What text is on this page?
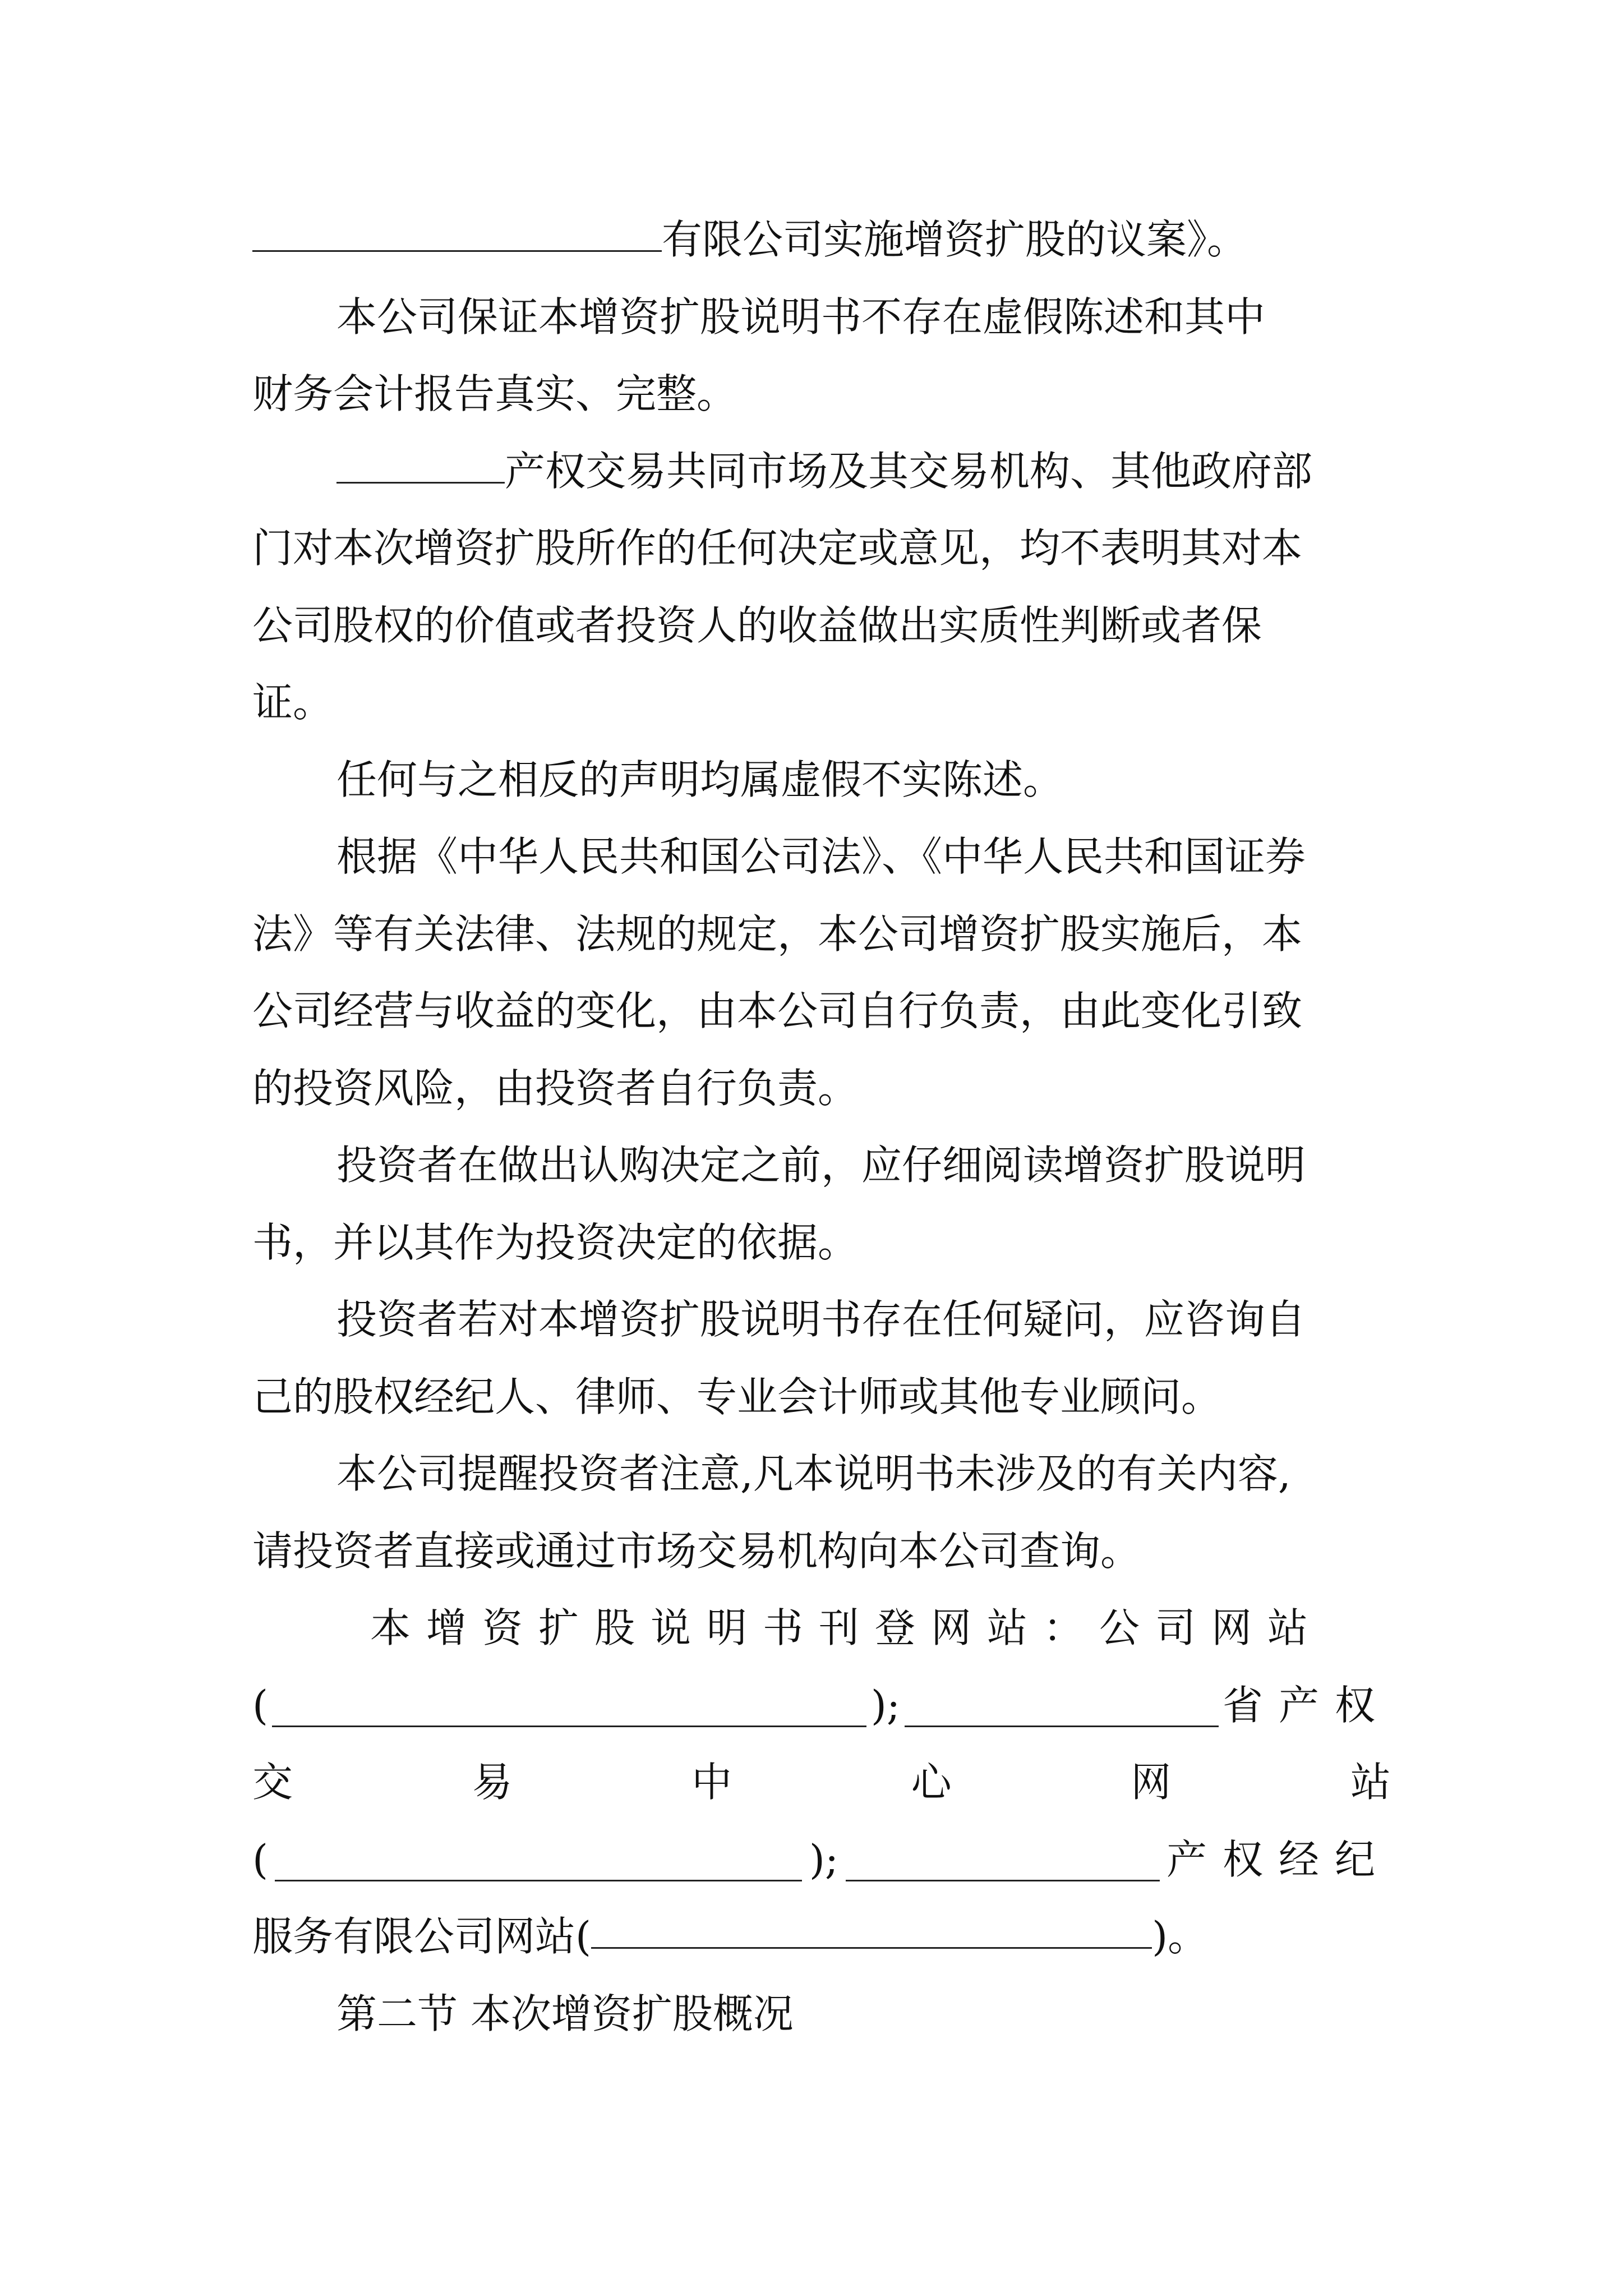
有限公司实施增资扩股的议案》。
本公司保证本增资扩股说明书不存在虚假陈述和其中
财务会计报告真实、完整。
产权交易共同市场及其交易机构、其他政府部
门对本次增资扩股所作的任何决定或意见，均不表明其对本
公司股权的价值或者投资人的收益做出实质性判断或者保
证。
任何与之相反的声明均属虚假不实陈述。
根据《中华人民共和国公司法》、《中华人民共和国证券
法》等有关法律、法规的规定，本公司增资扩股实施后，本
公司经营与收益的变化，由本公司自行负责，由此变化引致
的投资风险，由投资者自行负责。
投资者在做出认购决定之前，应仔细阅读增资扩股说明
书，并以其作为投资决定的依据。
投资者若对本增资扩股说明书存在任何疑问，应咨询自
己的股权经纪人、律师、专业会计师或其他专业顾问。
本公司提醒投资者注意,凡本说明书未涉及的有关内容,
请投资者直接或通过市场交易机构向本公司查询。
本增资扩股说明书刊登网站：公司网站
(	);	省产权
交	易	中	心	网	站
(	);	产权经纪
服务有限公司网站(	)。
第二节 本次增资扩股概况
